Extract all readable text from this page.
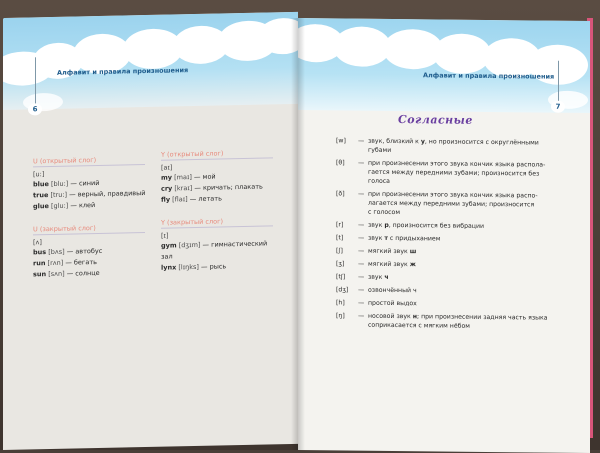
Алфавит и правила произношения
6
U (открытый слог)
[u:]
blue [blu:] — синий
true [tru:] — верный, правдивый
glue [glu:] — клей
U (закрытый слог)
[ʌ]
bus [bʌs] — автобус
run [rʌn] — бегать
sun [sʌn] — солнце
Y (открытый слог)
[aɪ]
my [maɪ] — мой
cry [kraɪ] — кричать; плакать
fly [flaɪ] — летать
Y (закрытый слог)
[ɪ]
gym [dʒɪm] — гимнастический
зал
lynx [lɪŋks] — рысь
Алфавит и правила произношения
7
Согласные
[w]	— звук, близкий к у, но произносится с округлёнными
губами
[θ]	— при произнесении этого звука кончик языка распола-
гается между передними зубами; произносится без
голоса
[ð]	— при произнесении этого звука кончик языка распо-
лагается между передними зубами; произносится
с голосом
[r]	— звук р, произносится без вибрации
[t]	— звук т с придыханием
[ʃ]	— мягкий звук ш
[ʒ]	— мягкий звук ж
[tʃ]	— звук ч
[dʒ]	— озвончённый ч
[h]	— простой выдох
[ŋ]	— носовой звук н; при произнесении задняя часть языка
соприкасается с мягким нёбом
